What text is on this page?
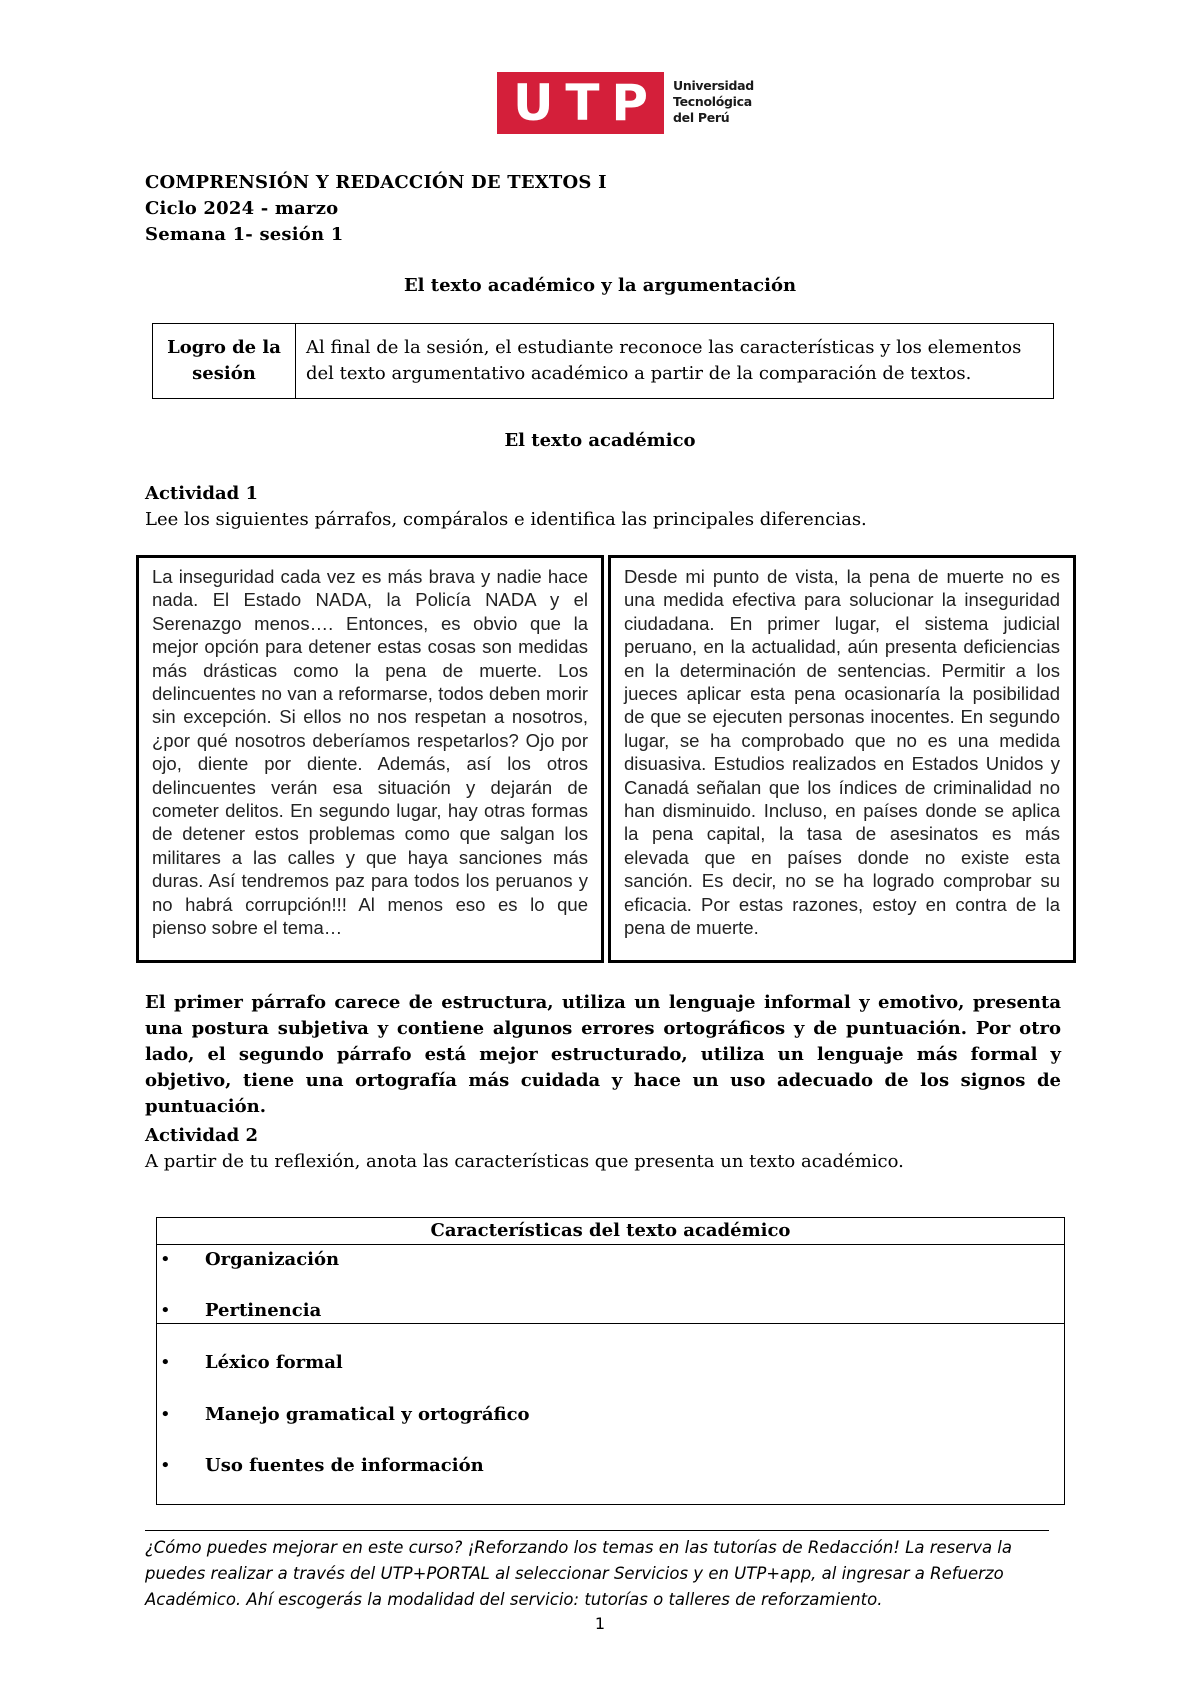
U T P Universidad
Tecnológica
del Perú
COMPRENSIÓN Y REDACCIÓN DE TEXTOS I
Ciclo 2024 - marzo
Semana 1- sesión 1
El texto académico y la argumentación
Logro de la sesión	Al final de la sesión, el estudiante reconoce las características y los elementos del texto argumentativo académico a partir de la comparación de textos.
El texto académico
Actividad 1
Lee los siguientes párrafos, compáralos e identifica las principales diferencias.
La inseguridad cada vez es más brava y nadie hace nada. El Estado NADA, la Policía NADA y el Serenazgo menos…. Entonces, es obvio que la mejor opción para detener estas cosas son medidas más drásticas como la pena de muerte. Los delincuentes no van a reformarse, todos deben morir sin excepción. Si ellos no nos respetan a nosotros, ¿por qué nosotros deberíamos respetarlos? Ojo por ojo, diente por diente. Además, así los otros delincuentes verán esa situación y dejarán de cometer delitos. En segundo lugar, hay otras formas de detener estos problemas como que salgan los militares a las calles y que haya sanciones más duras. Así tendremos paz para todos los peruanos y no habrá corrupción!!! Al menos eso es lo que pienso sobre el tema…
Desde mi punto de vista, la pena de muerte no es una medida efectiva para solucionar la inseguridad ciudadana. En primer lugar, el sistema judicial peruano, en la actualidad, aún presenta deficiencias en la determinación de sentencias. Permitir a los jueces aplicar esta pena ocasionaría la posibilidad de que se ejecuten personas inocentes. En segundo lugar, se ha comprobado que no es una medida disuasiva. Estudios realizados en Estados Unidos y Canadá señalan que los índices de criminalidad no han disminuido. Incluso, en países donde se aplica la pena capital, la tasa de asesinatos es más elevada que en países donde no existe esta sanción. Es decir, no se ha logrado comprobar su eficacia. Por estas razones, estoy en contra de la pena de muerte.
El primer párrafo carece de estructura, utiliza un lenguaje informal y emotivo, presenta una postura subjetiva y contiene algunos errores ortográficos y de puntuación. Por otro lado, el segundo párrafo está mejor estructurado, utiliza un lenguaje más formal y objetivo, tiene una ortografía más cuidada y hace un uso adecuado de los signos de puntuación.
Actividad 2
A partir de tu reflexión, anota las características que presenta un texto académico.
Características del texto académico
• Organización
• Pertinencia
• Léxico formal
• Manejo gramatical y ortográfico
• Uso fuentes de información
¿Cómo puedes mejorar en este curso? ¡Reforzando los temas en las tutorías de Redacción! La reserva la puedes realizar a través del UTP+PORTAL al seleccionar Servicios y en UTP+app, al ingresar a Refuerzo Académico. Ahí escogerás la modalidad del servicio: tutorías o talleres de reforzamiento.
1
